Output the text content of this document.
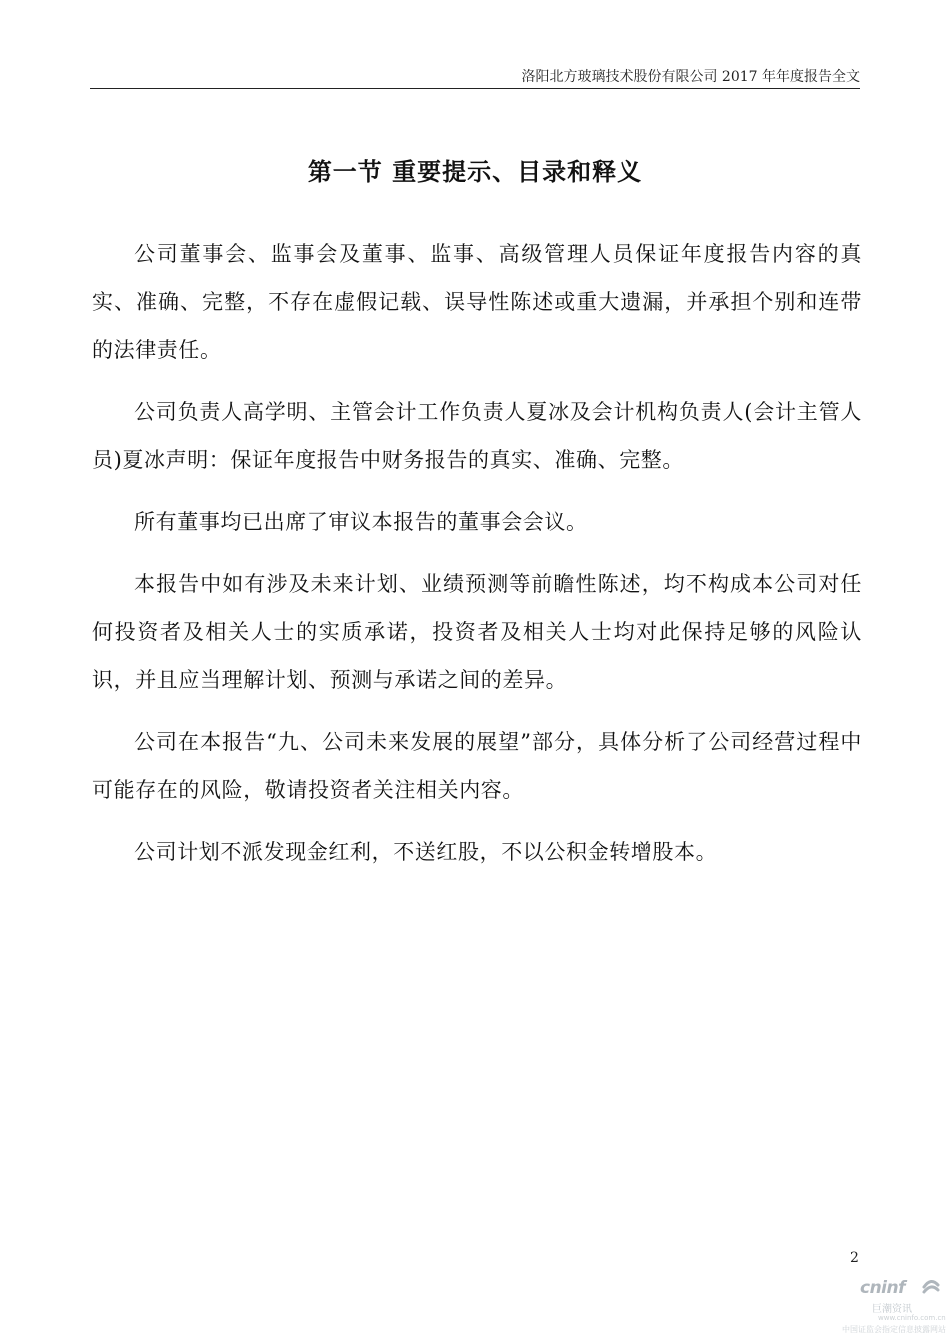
洛阳北方玻璃技术股份有限公司 2017 年年度报告全文
第一节 重要提示、目录和释义

公司董事会、监事会及董事、监事、高级管理人员保证年度报告内容的真实、准确、完整，不存在虚假记载、误导性陈述或重大遗漏，并承担个别和连带的法律责任。

公司负责人高学明、主管会计工作负责人夏冰及会计机构负责人(会计主管人员)夏冰声明：保证年度报告中财务报告的真实、准确、完整。

所有董事均已出席了审议本报告的董事会会议。

本报告中如有涉及未来计划、业绩预测等前瞻性陈述，均不构成本公司对任何投资者及相关人士的实质承诺，投资者及相关人士均对此保持足够的风险认识，并且应当理解计划、预测与承诺之间的差异。

公司在本报告“九、公司未来发展的展望”部分，具体分析了公司经营过程中可能存在的风险，敬请投资者关注相关内容。

公司计划不派发现金红利，不送红股，不以公积金转增股本。

2
cninf
巨潮资讯
www.cninfo.com.cn
中国证监会指定信息披露网站
